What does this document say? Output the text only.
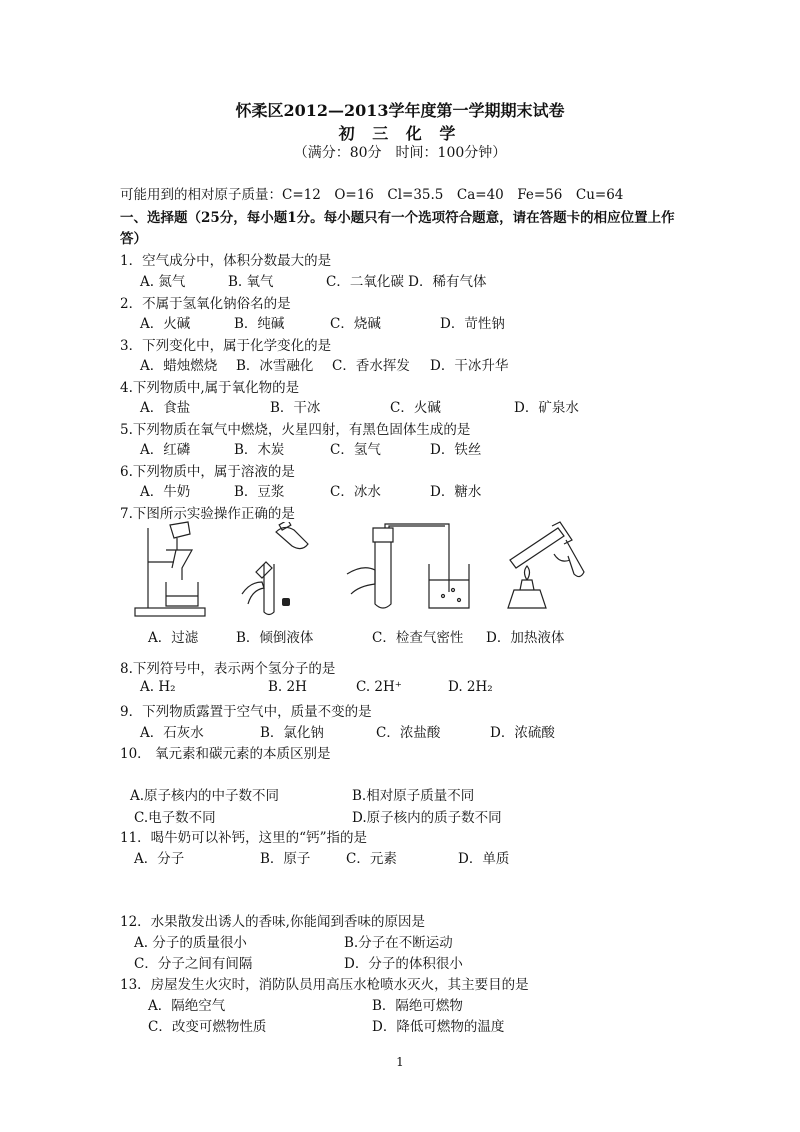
怀柔区2012—2013学年度第一学期期末试卷
初 三 化 学
（满分：80分　时间：100分钟）
可能用到的相对原子质量：C=12　O=16　Cl=35.5　Ca=40　Fe=56　Cu=64
一、选择题（25分，每小题1分。每小题只有一个选项符合题意，请在答题卡的相应位置上作
答）
1．空气成分中，体积分数最大的是
A. 氮气	B. 氧气	C．二氧化碳 D．稀有气体
2．不属于氢氧化钠俗名的是
A．火碱	B．纯碱	C．烧碱	D．苛性钠
3．下列变化中，属于化学变化的是
A．蜡烛燃烧 B．冰雪融化 C．香水挥发 D．干冰升华
4.下列物质中,属于氧化物的是
A．食盐	B．干冰	C．火碱	D．矿泉水
5.下列物质在氧气中燃烧，火星四射，有黑色固体生成的是
A．红磷	B．木炭	C．氢气	D．铁丝
6.下列物质中，属于溶液的是
A．牛奶	B．豆浆	C．冰水	D．糖水
7.下图所示实验操作正确的是
A．过滤	B．倾倒液体	C．检查气密性 D．加热液体
8.下列符号中，表示两个氢分子的是
A. H₂	B. 2H	C. 2H⁺	D. 2H₂
9．下列物质露置于空气中，质量不变的是
A．石灰水	B．氯化钠	C．浓盐酸	D．浓硫酸
10． 氧元素和碳元素的本质区别是
A.原子核内的中子数不同	B.相对原子质量不同
C.电子数不同	D.原子核内的质子数不同
11．喝牛奶可以补钙，这里的“钙”指的是
A．分子	B．原子	C．元素	D．单质
12．水果散发出诱人的香味,你能闻到香味的原因是
A. 分子的质量很小	B.分子在不断运动
C．分子之间有间隔	D．分子的体积很小
13．房屋发生火灾时，消防队员用高压水枪喷水灭火，其主要目的是
A．隔绝空气	B．隔绝可燃物
C．改变可燃物性质	D．降低可燃物的温度
1
